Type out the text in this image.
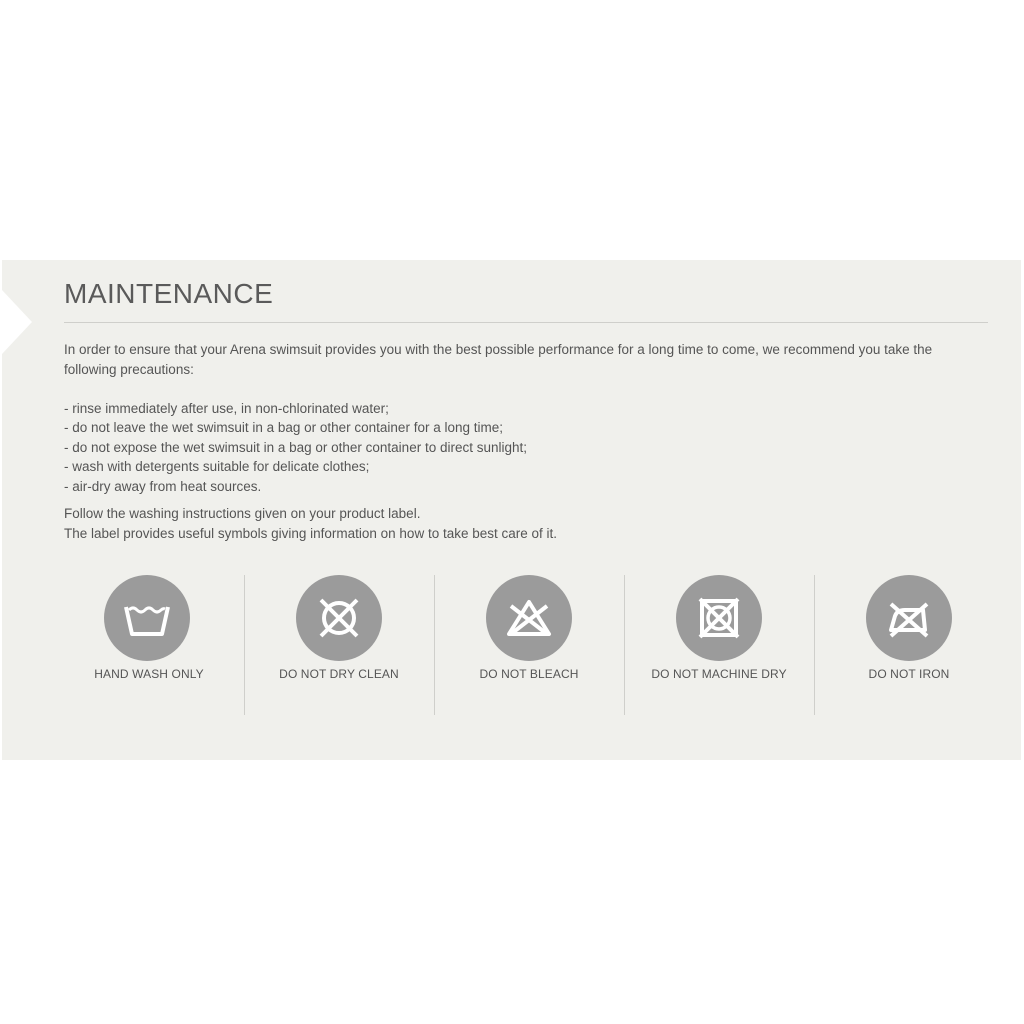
MAINTENANCE

In order to ensure that your Arena swimsuit provides you with the best possible performance for a long time to come, we recommend you take the following precautions:

- rinse immediately after use, in non-chlorinated water;
- do not leave the wet swimsuit in a bag or other container for a long time;
- do not expose the wet swimsuit in a bag or other container to direct sunlight;
- wash with detergents suitable for delicate clothes;
- air-dry away from heat sources.

Follow the washing instructions given on your product label.

The label provides useful symbols giving information on how to take best care of it.

HAND WASH ONLY	DO NOT DRY CLEAN	DO NOT BLEACH	DO NOT MACHINE DRY	DO NOT IRON
